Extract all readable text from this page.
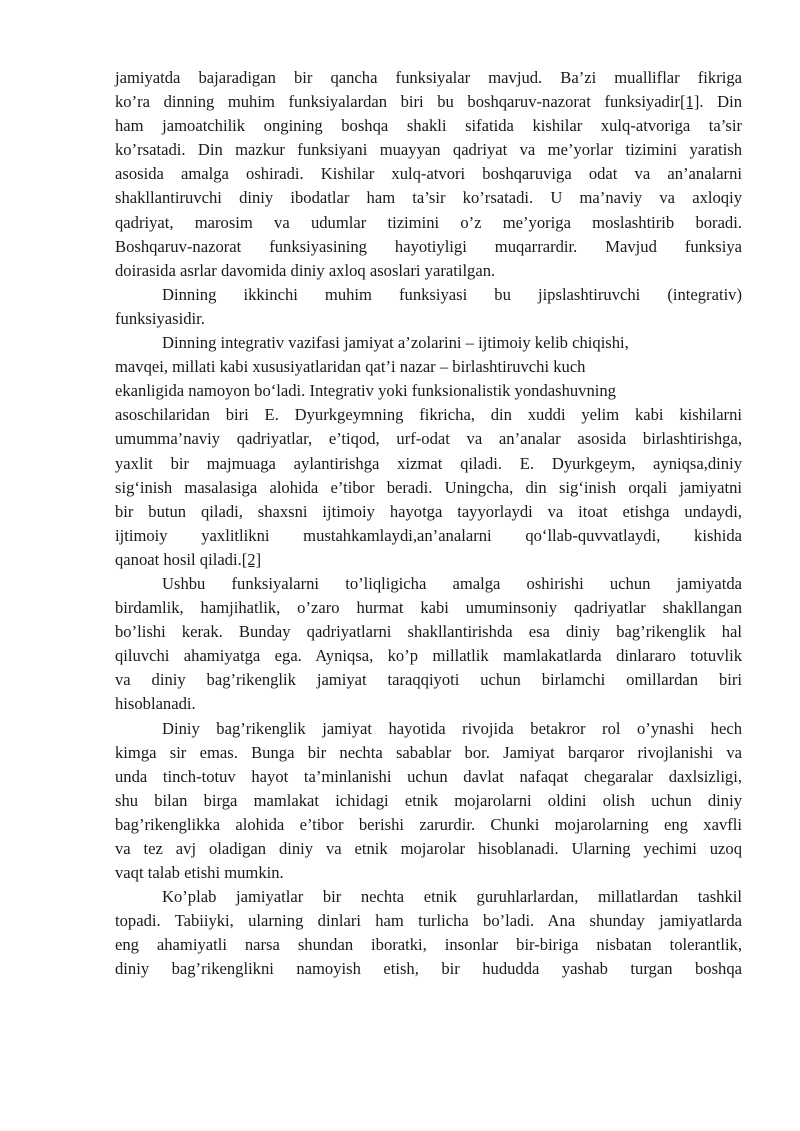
jamiyatda bajaradigan bir qancha funksiyalar mavjud. Ba’zi mualliflar fikriga
ko’ra dinning muhim funksiyalardan biri bu boshqaruv-nazorat funksiyadir[1]. Din
ham jamoatchilik ongining boshqa shakli sifatida kishilar xulq-atvoriga ta’sir
ko’rsatadi. Din mazkur funksiyani muayyan qadriyat va me’yorlar tizimini yaratish
asosida amalga oshiradi. Kishilar xulq-atvori boshqaruviga odat va an’analarni
shakllantiruvchi diniy ibodatlar ham ta’sir ko’rsatadi. U ma’naviy va axloqiy
qadriyat, marosim va udumlar tizimini o’z me’yoriga moslashtirib boradi.
Boshqaruv-nazorat funksiyasining hayotiyligi muqarrardir. Mavjud funksiya
doirasida asrlar davomida diniy axloq asoslari yaratilgan.
Dinning ikkinchi muhim funksiyasi bu jipslashtiruvchi (integrativ)
funksiyasidir.
Dinning integrativ vazifasi jamiyat a’zolarini – ijtimoiy kelib chiqishi,
mavqei, millati kabi xususiyatlaridan qat’i nazar – birlashtiruvchi kuch
ekanligida namoyon bo‘ladi. Integrativ yoki funksionalistik yondashuvning
asoschilaridan biri E. Dyurkgeymning fikricha, din xuddi yelim kabi kishilarni
umumma’naviy qadriyatlar, e’tiqod, urf-odat va an’analar asosida birlashtirishga,
yaxlit bir majmuaga aylantirishga xizmat qiladi. E. Dyurkgeym, ayniqsa,diniy
sig‘inish masalasiga alohida e’tibor beradi. Uningcha, din sig‘inish orqali jamiyatni
bir butun qiladi, shaxsni ijtimoiy hayotga tayyorlaydi va itoat etishga undaydi,
ijtimoiy yaxlitlikni mustahkamlaydi,an’analarni qo‘llab-quvvatlaydi, kishida
qanoat hosil qiladi.[2]
Ushbu funksiyalarni to’liqligicha amalga oshirishi uchun jamiyatda
birdamlik, hamjihatlik, o’zaro hurmat kabi umuminsoniy qadriyatlar shakllangan
bo’lishi kerak. Bunday qadriyatlarni shakllantirishda esa diniy bag’rikenglik hal
qiluvchi ahamiyatga ega. Ayniqsa, ko’p millatlik mamlakatlarda dinlararo totuvlik
va diniy bag’rikenglik jamiyat taraqqiyoti uchun birlamchi omillardan biri
hisoblanadi.
Diniy bag’rikenglik jamiyat hayotida rivojida betakror rol o’ynashi hech
kimga sir emas. Bunga bir nechta sabablar bor. Jamiyat barqaror rivojlanishi va
unda tinch-totuv hayot ta’minlanishi uchun davlat nafaqat chegaralar daxlsizligi,
shu bilan birga mamlakat ichidagi etnik mojarolarni oldini olish uchun diniy
bag’rikenglikka alohida e’tibor berishi zarurdir. Chunki mojarolarning eng xavfli
va tez avj oladigan diniy va etnik mojarolar hisoblanadi. Ularning yechimi uzoq
vaqt talab etishi mumkin.
Ko’plab jamiyatlar bir nechta etnik guruhlarlardan, millatlardan tashkil
topadi. Tabiiyki, ularning dinlari ham turlicha bo’ladi. Ana shunday jamiyatlarda
eng ahamiyatli narsa shundan iboratki, insonlar bir-biriga nisbatan tolerantlik,
diniy bag’rikenglikni namoyish etish, bir hududda yashab turgan boshqa
